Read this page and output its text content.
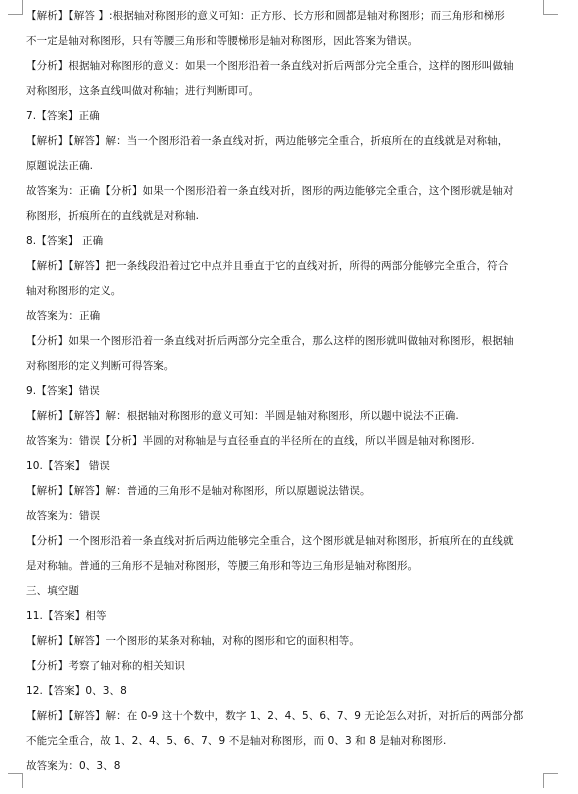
【解析】【解答 】:根据轴对称图形的意义可知：正方形、长方形和圆都是轴对称图形；而三角形和梯形
不一定是轴对称图形，只有等腰三角形和等腰梯形是轴对称图形，因此答案为错误。
【分析】根据轴对称图形的意义：如果一个图形沿着一条直线对折后两部分完全重合，这样的图形叫做轴
对称图形，这条直线叫做对称轴；进行判断即可。
7.【答案】正确
【解析】【解答】解：当一个图形沿着一条直线对折，两边能够完全重合，折痕所在的直线就是对称轴，
原题说法正确.
故答案为：正确【分析】如果一个图形沿着一条直线对折，图形的两边能够完全重合，这个图形就是轴对
称图形，折痕所在的直线就是对称轴.
8.【答案】 正确
【解析】【解答】把一条线段沿着过它中点并且垂直于它的直线对折，所得的两部分能够完全重合，符合
轴对称图形的定义。
故答案为：正确
【分析】如果一个图形沿着一条直线对折后两部分完全重合，那么这样的图形就叫做轴对称图形，根据轴
对称图形的定义判断可得答案。
9.【答案】错误
【解析】【解答】解：根据轴对称图形的意义可知：半圆是轴对称图形，所以题中说法不正确.
故答案为：错误【分析】半圆的对称轴是与直径垂直的半径所在的直线，所以半圆是轴对称图形.
10.【答案】 错误
【解析】【解答】解：普通的三角形不是轴对称图形，所以原题说法错误。
故答案为：错误
【分析】一个图形沿着一条直线对折后两边能够完全重合，这个图形就是轴对称图形，折痕所在的直线就
是对称轴。普通的三角形不是轴对称图形，等腰三角形和等边三角形是轴对称图形。
三、填空题
11.【答案】相等
【解析】【解答】一个图形的某条对称轴，对称的图形和它的面积相等。
【分析】考察了轴对称的相关知识
12.【答案】0、3、8
【解析】【解答】解：在 0-9 这十个数中，数字 1、2、4、5、6、7、9 无论怎么对折，对折后的两部分都
不能完全重合，故 1、2、4、5、6、7、9 不是轴对称图形，而 0、3 和 8 是轴对称图形.
故答案为：0、3、8
